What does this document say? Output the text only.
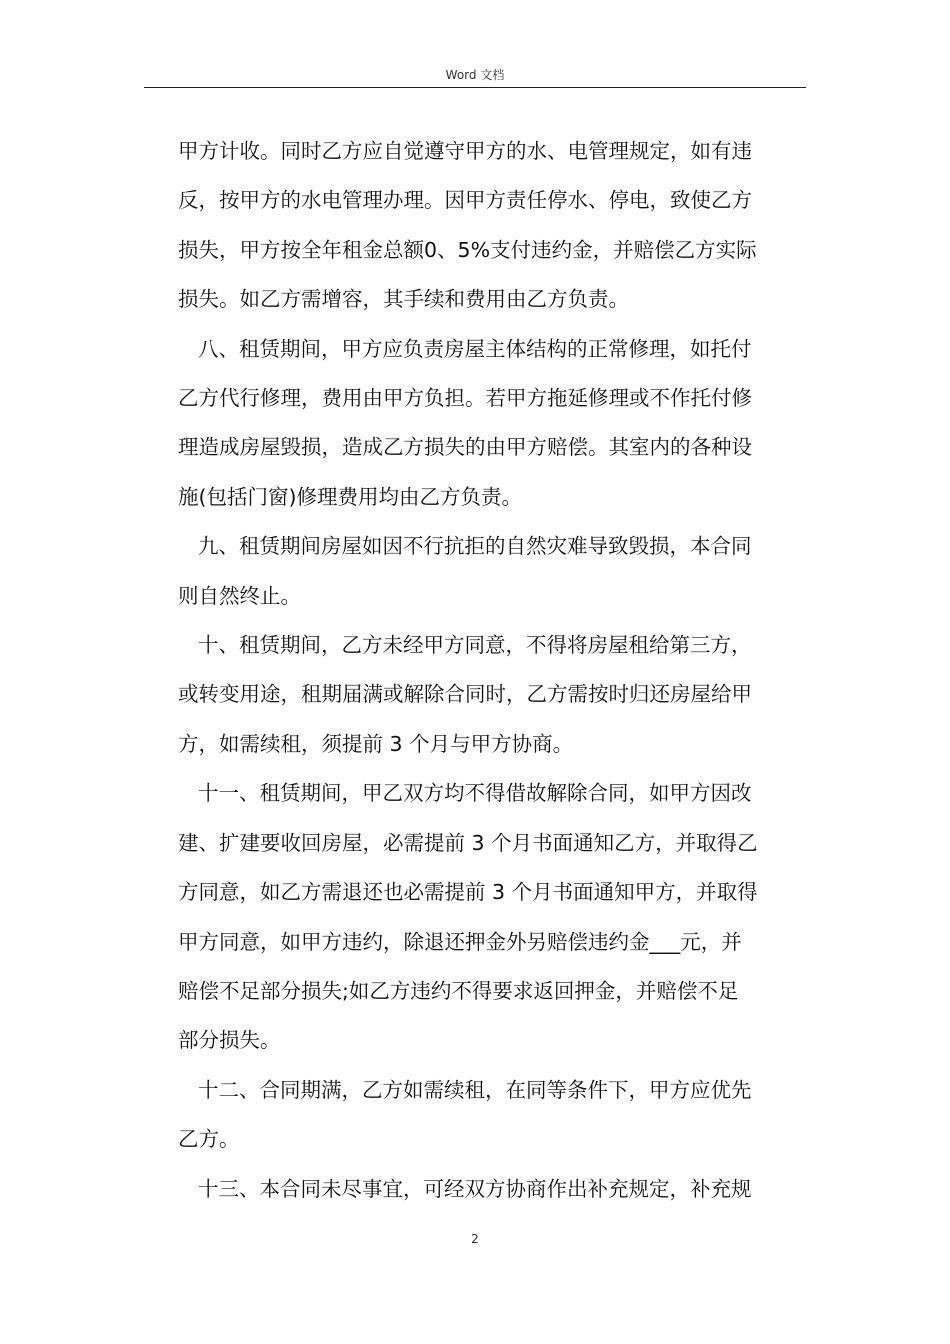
Word 文档
甲方计收。同时乙方应自觉遵守甲方的水、电管理规定，如有违
反，按甲方的水电管理办理。因甲方责任停水、停电，致使乙方
损失，甲方按全年租金总额0、5%支付违约金，并赔偿乙方实际
损失。如乙方需增容，其手续和费用由乙方负责。
八、租赁期间，甲方应负责房屋主体结构的正常修理，如托付
乙方代行修理，费用由甲方负担。若甲方拖延修理或不作托付修
理造成房屋毁损，造成乙方损失的由甲方赔偿。其室内的各种设
施(包括门窗)修理费用均由乙方负责。
九、租赁期间房屋如因不行抗拒的自然灾难导致毁损，本合同
则自然终止。
十、租赁期间，乙方未经甲方同意，不得将房屋租给第三方，
或转变用途，租期届满或解除合同时，乙方需按时归还房屋给甲
方，如需续租，须提前 3 个月与甲方协商。
十一、租赁期间，甲乙双方均不得借故解除合同，如甲方因改
建、扩建要收回房屋，必需提前 3 个月书面通知乙方，并取得乙
方同意，如乙方需退还也必需提前 3 个月书面通知甲方，并取得
甲方同意，如甲方违约，除退还押金外另赔偿违约金___元，并
赔偿不足部分损失;如乙方违约不得要求返回押金，并赔偿不足
部分损失。
十二、合同期满，乙方如需续租，在同等条件下，甲方应优先
乙方。
十三、本合同未尽事宜，可经双方协商作出补充规定，补充规
2
